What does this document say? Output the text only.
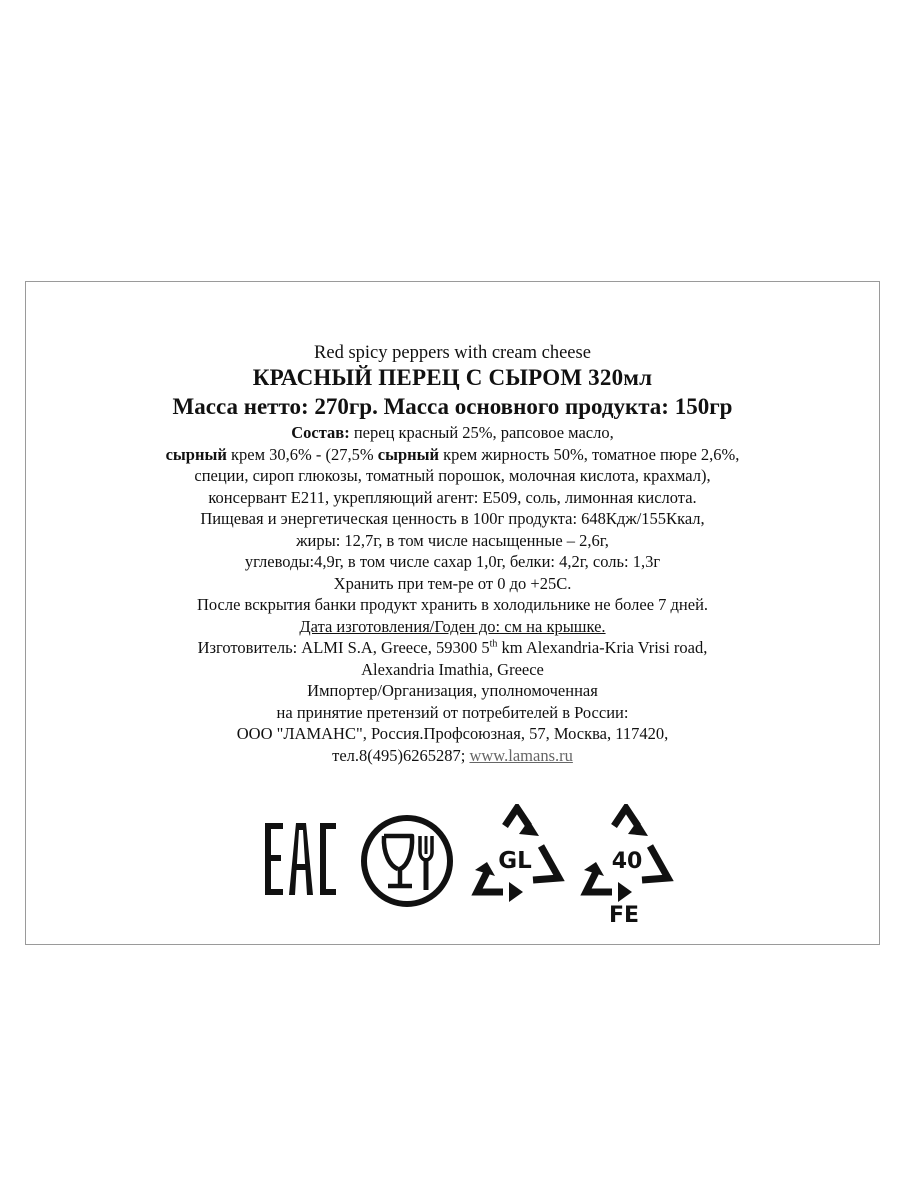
Red spicy peppers with cream cheese
КРАСНЫЙ ПЕРЕЦ С СЫРОМ 320мл
Масса нетто: 270гр. Масса основного продукта: 150гр
Состав: перец красный 25%, рапсовое масло,
сырный крем 30,6% - (27,5% сырный крем жирность 50%, томатное пюре 2,6%,
специи, сироп глюкозы, томатный порошок, молочная кислота, крахмал),
консервант Е211, укрепляющий агент: Е509, соль, лимонная кислота.
Пищевая и энергетическая ценность в 100г продукта: 648Кдж/155Ккал,
жиры: 12,7г, в том числе насыщенные – 2,6г,
углеводы:4,9г, в том числе сахар 1,0г, белки: 4,2г, соль: 1,3г
Хранить при тем-ре от 0 до +25С.
После вскрытия банки продукт хранить в холодильнике не более 7 дней.
Дата изготовления/Годен до: см на крышке.
Изготовитель: ALMI S.A, Greece, 59300 5th km Alexandria-Kria Vrisi road,
Alexandria Imathia, Greece
Импортер/Организация, уполномоченная
на принятие претензий от потребителей в России:
ООО "ЛАМАНС", Россия.Профсоюзная, 57, Москва, 117420,
тел.8(495)6265287; www.lamans.ru
GL	40
FE
